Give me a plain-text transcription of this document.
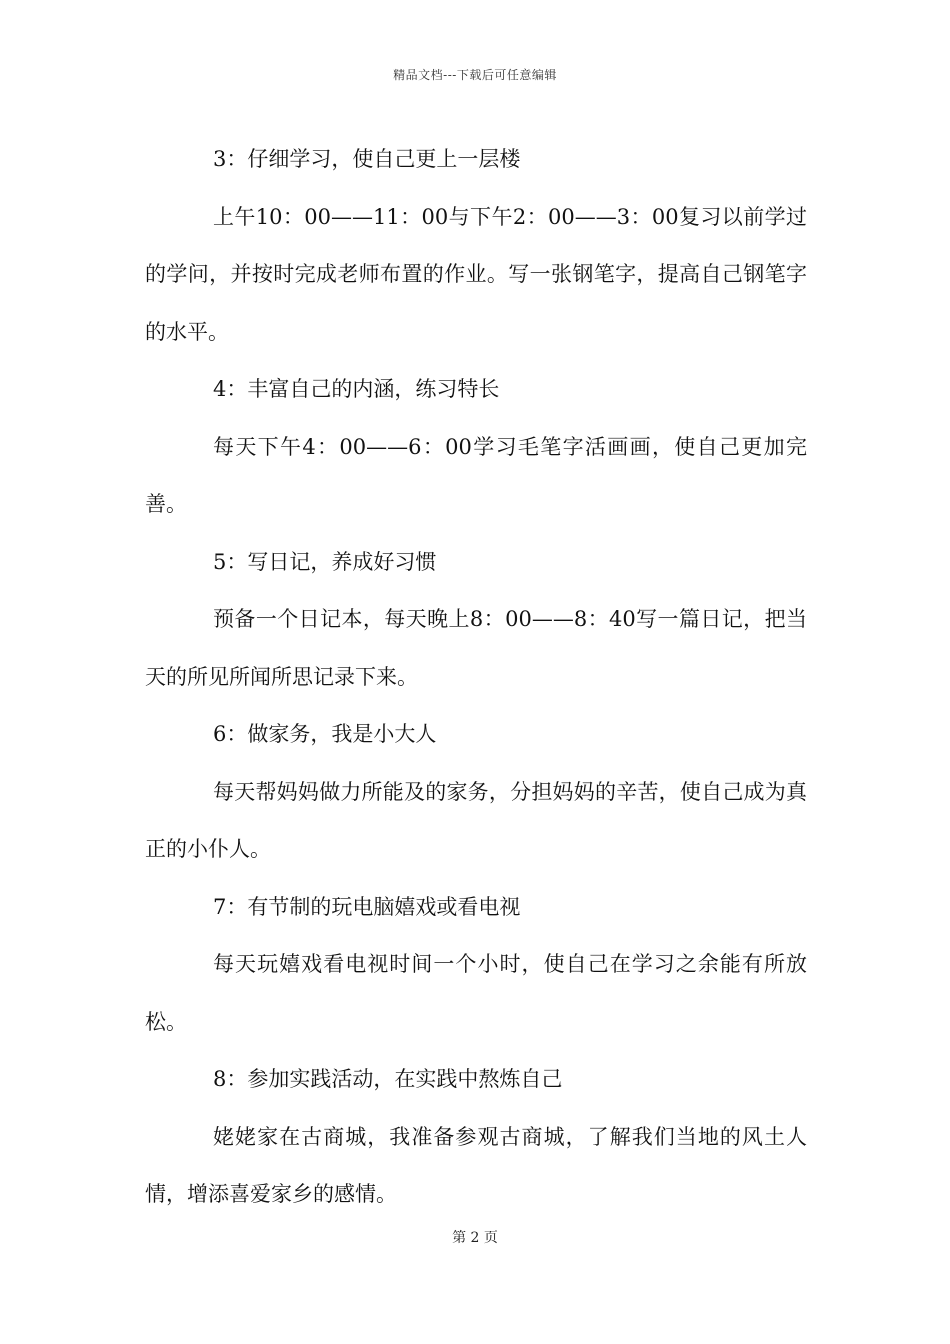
精品文档---下载后可任意编辑

3：仔细学习，使自己更上一层楼

上午10：00——11：00与下午2：00——3：00复习以前学过的学问，并按时完成老师布置的作业。写一张钢笔字，提高自己钢笔字的水平。

4：丰富自己的内涵，练习特长

每天下午4：00——6：00学习毛笔字活画画，使自己更加完善。

5：写日记，养成好习惯

预备一个日记本，每天晚上8：00——8：40写一篇日记，把当天的所见所闻所思记录下来。

6：做家务，我是小大人

每天帮妈妈做力所能及的家务，分担妈妈的辛苦，使自己成为真正的小仆人。

7：有节制的玩电脑嬉戏或看电视

每天玩嬉戏看电视时间一个小时，使自己在学习之余能有所放松。

8：参加实践活动，在实践中熬炼自己

姥姥家在古商城，我准备参观古商城，了解我们当地的风土人情，增添喜爱家乡的感情。

第 2 页
